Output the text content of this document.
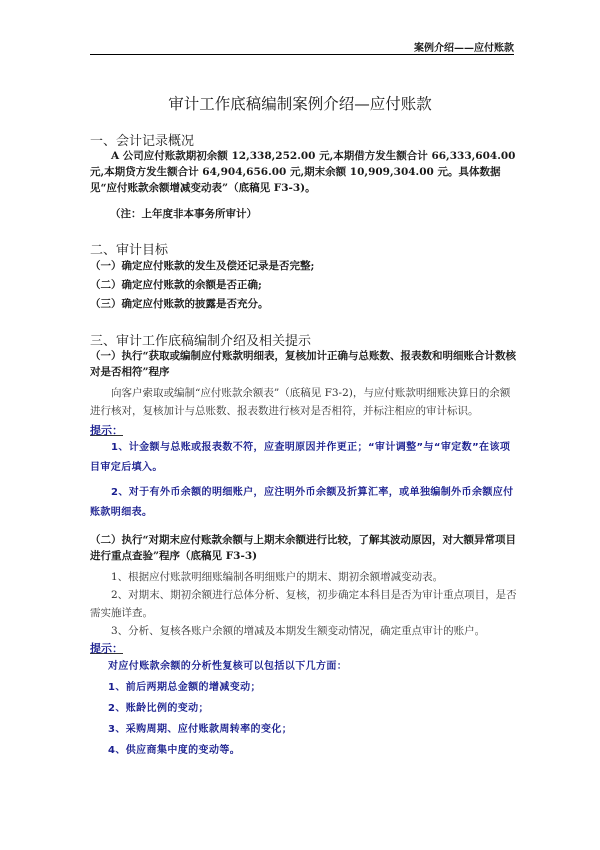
案例介绍——应付账款
审计工作底稿编制案例介绍—应付账款
一、会计记录概况

A 公司应付账款期初余额 12,338,252.00 元,本期借方发生额合计 66,333,604.00 元,本期贷方发生额合计 64,904,656.00 元,期末余额 10,909,304.00 元。具体数据见“应付账款余额增减变动表”（底稿见 F3-3)。

（注：上年度非本事务所审计）

二、审计目标

（一）确定应付账款的发生及偿还记录是否完整;

（二）确定应付账款的余额是否正确;

（三）确定应付账款的披露是否充分。

三、审计工作底稿编制介绍及相关提示

（一）执行“获取或编制应付账款明细表，复核加计正确与总账数、报表数和明细账合计数核对是否相符”程序

向客户索取或编制“应付账款余额表”（底稿见 F3-2)，与应付账款明细账决算日的余额进行核对，复核加计与总账数、报表数进行核对是否相符，并标注相应的审计标识。

提示：

1、计金额与总账或报表数不符，应查明原因并作更正；“审计调整”与“审定数”在该项目审定后填入。

2、对于有外币余额的明细账户，应注明外币余额及折算汇率，或单独编制外币余额应付账款明细表。

（二）执行“对期末应付账款余额与上期末余额进行比较，了解其波动原因，对大额异常项目进行重点查验”程序（底稿见 F3-3)

1、根据应付账款明细账编制各明细账户的期末、期初余额增减变动表。

2、对期末、期初余额进行总体分析、复核，初步确定本科目是否为审计重点项目，是否需实施详查。

3、分析、复核各账户余额的增减及本期发生额变动情况，确定重点审计的账户。

提示：

对应付账款余额的分析性复核可以包括以下几方面：

1、前后两期总金额的增减变动；

2、账龄比例的变动；

3、采购周期、应付账款周转率的变化；

4、供应商集中度的变动等。
